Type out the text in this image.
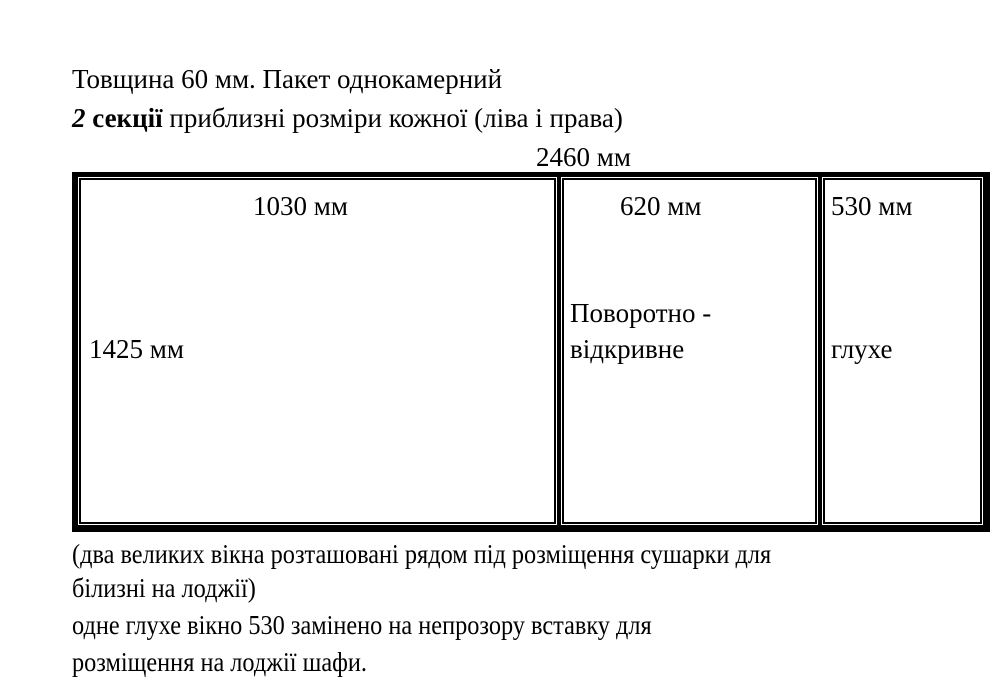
Товщина 60 мм. Пакет однокамерний
2 секції приблизні розміри кожної (ліва і права)
2460 мм
1030 мм
1425 мм
620 мм
Поворотно -
відкривне
530 мм
глухе
(два великих вікна розташовані рядом під розміщення сушарки для
білизні на лоджії)
одне глухе вікно 530 замінено на непрозору вставку для
розміщення на лоджії шафи.
